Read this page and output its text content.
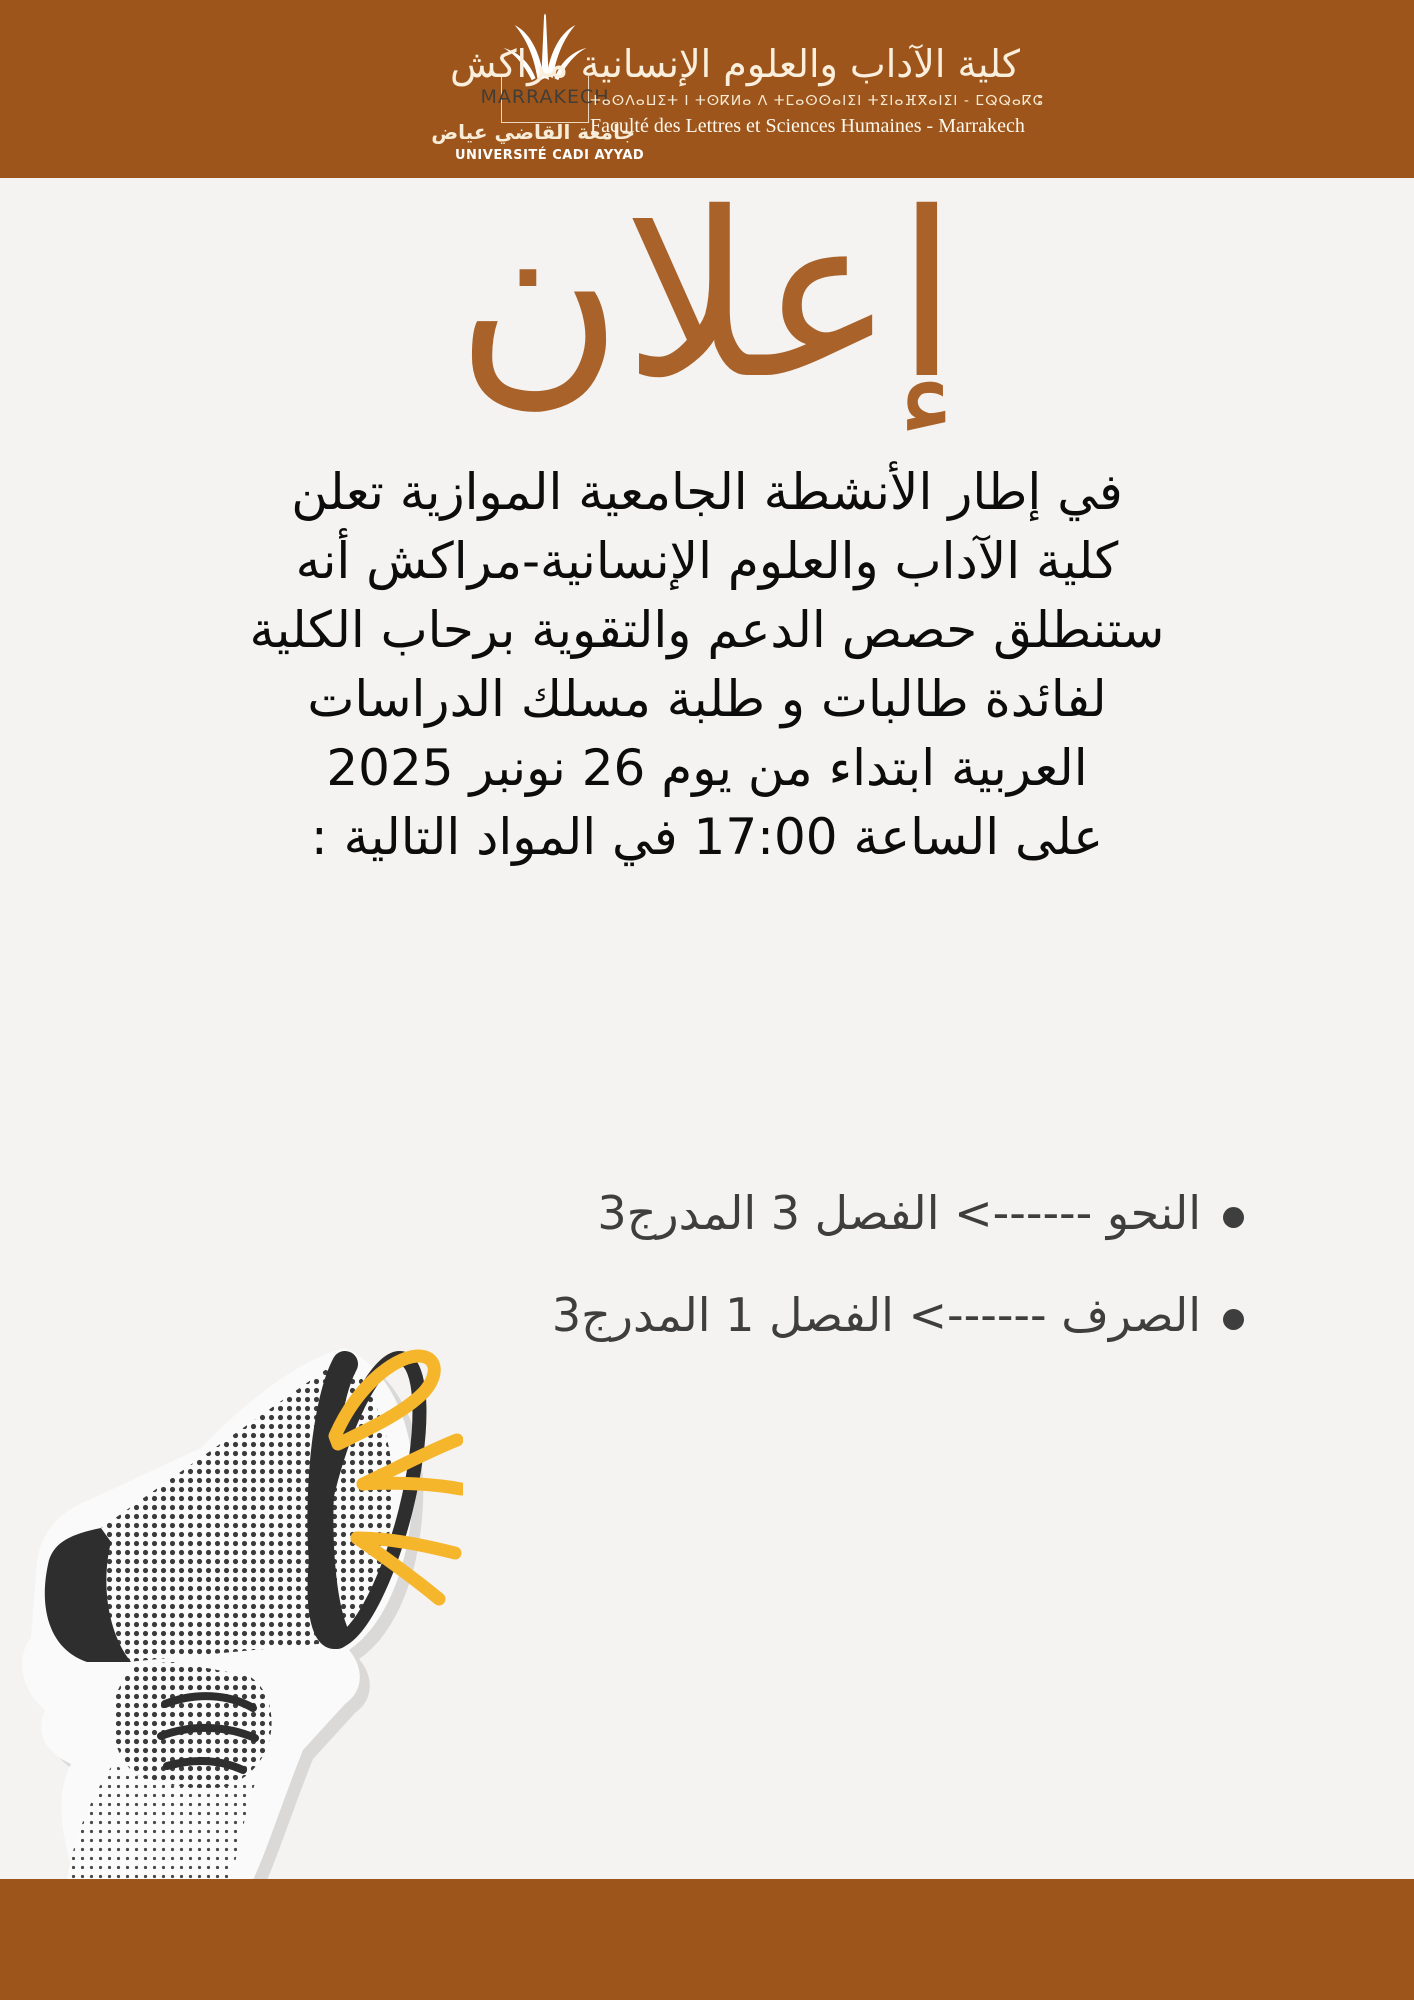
MARRAKECH
جامعة القاضي عياض
UNIVERSITÉ CADI AYYAD
كلية الآداب والعلوم الإنسانية مراكش
ⵜⴰⵙⴷⴰⵡⵉⵜ ⵏ ⵜⵙⴽⵍⴰ ⴷ ⵜⵎⴰⵙⵙⴰⵏⵉⵏ ⵜⵉⵏⴰⴼⴳⴰⵏⵉⵏ - ⵎⵕⵕⴰⴽⵛ
Faculté des Lettres et Sciences Humaines - Marrakech
إعلان
في إطار الأنشطة الجامعية الموازية تعلن
كلية الآداب والعلوم الإنسانية-مراكش أنه
ستنطلق حصص الدعم والتقوية برحاب الكلية
لفائدة طالبات و طلبة مسلك الدراسات
العربية ابتداء من يوم 26 نونبر 2025
على الساعة 17:00 في المواد التالية :
النحو ------> الفصل 3 المدرج3
الصرف ------> الفصل 1 المدرج3
